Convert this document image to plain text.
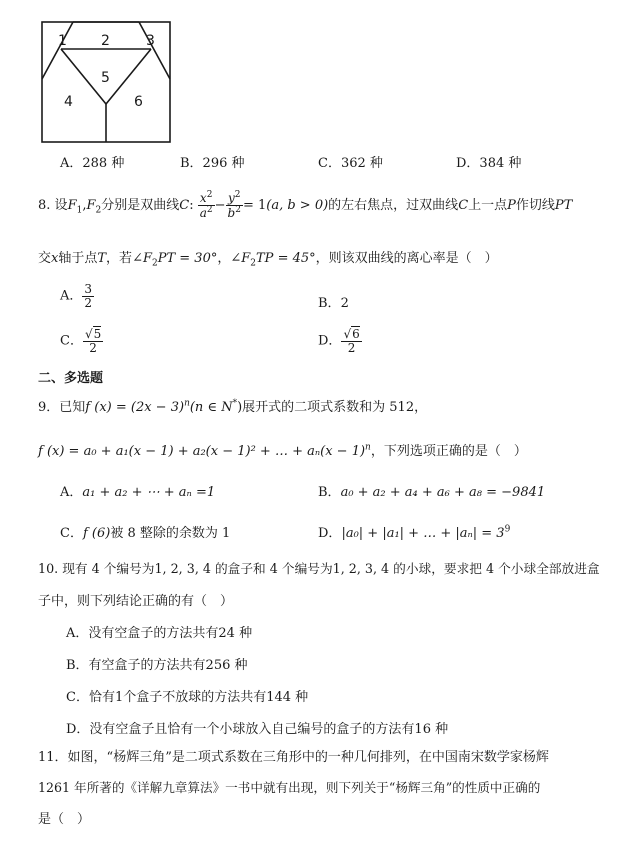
1 2	3
5
4	6
A．288 种	B．296 种	C．362 种	D．384 种
8. 设$F_1,F_2$分别是双曲线C: $\frac{x^2}{a^2} - \frac{y^2}{b^2} = 1(a$, b > 0)的左右焦点，过双曲线C上一点P作切线PT
交x轴于点T，若$\angle F_2PT = 30^\circ$，$\angle F_2TP = 45^\circ$，则该双曲线的离心率是（　）
A． $\frac{3}{2}$	B．2
C． $\frac{√5}{2}$	D． $\frac{√6}{2}$
二、多选题
9．已知f $(x) = (2x - 3)^n(n$ ∈ N*)展开式的二项式系数和为 512，
f (x) = a₀ + a₁(x − 1) + a₂(x − 1)² + … + $a_n(x - 1)^n$，下列选项正确的是（　）
A．a₁ + a₂ + ⋯ + aₙ =1	B．a₀ + a₂ + a₄ + a₆ + a₈ = −9841
C．f (6)被 8 整除的余数为 1	D．|a₀| + |a₁| + … + $|a_n| = 3^9$
10. 现有 4 个编号为1, 2, 3, 4 的盒子和 4 个编号为1, 2, 3, 4 的小球，要求把 4 个小球全部放进盒
子中，则下列结论正确的有（　）
A．没有空盒子的方法共有24 种
B．有空盒子的方法共有256 种
C．恰有1个盒子不放球的方法共有144 种
D．没有空盒子且恰有一个小球放入自己编号的盒子的方法有16 种
11．如图，“杨辉三角”是二项式系数在三角形中的一种几何排列，在中国南宋数学家杨辉
1261 年所著的《详解九章算法》一书中就有出现，则下列关于“杨辉三角”的性质中正确的
是（　）
